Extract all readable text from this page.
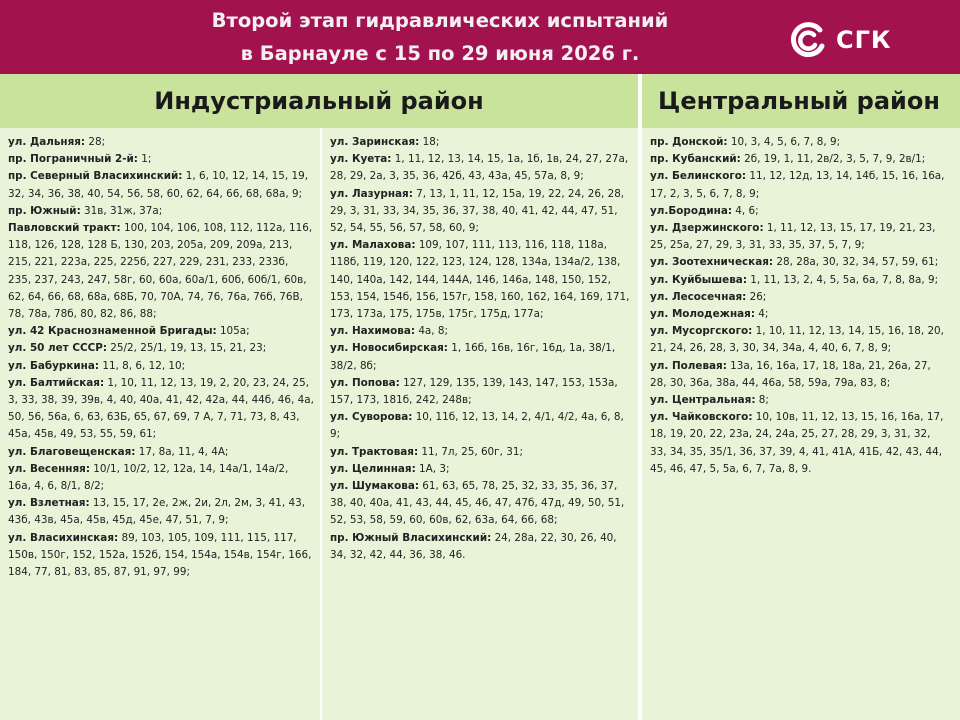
Второй этап гидравлических испытаний
в Барнауле с 15 по 29 июня 2026 г.	СГК
Индустриальный район	Центральный район
ул. Дальняя: 28;
пр. Пограничный 2-й: 1;
пр. Северный Власихинский: 1, 6, 10, 12, 14, 15, 19, 32, 34, 36, 38, 40, 54, 56, 58, 60, 62, 64, 66, 68, 68а, 9;
пр. Южный: 31в, 31ж, 37а;
Павловский тракт: 100, 104, 106, 108, 112, 112а, 116, 118, 126, 128, 128 Б, 130, 203, 205а, 209, 209а, 213, 215, 221, 223а, 225, 225б, 227, 229, 231, 233, 233б, 235, 237, 243, 247, 58г, 60, 60а, 60а/1, 60б, 60б/1, 60в, 62, 64, 66, 68, 68а, 68Б, 70, 70А, 74, 76, 76а, 76б, 76В, 78, 78а, 78б, 80, 82, 86, 88;
ул. 42 Краснознаменной Бригады: 105а;
ул. 50 лет СССР: 25/2, 25/1, 19, 13, 15, 21, 23;
ул. Бабуркина: 11, 8, 6, 12, 10;
ул. Балтийская: 1, 10, 11, 12, 13, 19, 2, 20, 23, 24, 25, 3, 33, 38, 39, 39в, 4, 40, 40а, 41, 42, 42а, 44, 44б, 46, 4а, 50, 56, 56а, 6, 63, 63Б, 65, 67, 69, 7 А, 7, 71, 73, 8, 43, 45а, 45в, 49, 53, 55, 59, 61;
ул. Благовещенская: 17, 8а, 11, 4, 4А;
ул. Весенняя: 10/1, 10/2, 12, 12а, 14, 14а/1, 14а/2, 16а, 4, 6, 8/1, 8/2;
ул. Взлетная: 13, 15, 17, 2е, 2ж, 2и, 2л, 2м, 3, 41, 43, 43б, 43в, 45а, 45в, 45д, 45е, 47, 51, 7, 9;
ул. Власихинская: 89, 103, 105, 109, 111, 115, 117, 150в, 150г, 152, 152а, 152б, 154, 154а, 154в, 154г, 166, 184, 77, 81, 83, 85, 87, 91, 97, 99;
ул. Заринская: 18;
ул. Куета: 1, 11, 12, 13, 14, 15, 1а, 1б, 1в, 24, 27, 27а, 28, 29, 2а, 3, 35, 36, 42б, 43, 43а, 45, 57а, 8, 9;
ул. Лазурная: 7, 13, 1, 11, 12, 15а, 19, 22, 24, 26, 28, 29, 3, 31, 33, 34, 35, 36, 37, 38, 40, 41, 42, 44, 47, 51, 52, 54, 55, 56, 57, 58, 60, 9;
ул. Малахова: 109, 107, 111, 113, 116, 118, 118а, 118б, 119, 120, 122, 123, 124, 128, 134а, 134а/2, 138, 140, 140а, 142, 144, 144А, 146, 146а, 148, 150, 152, 153, 154, 154б, 156, 157г, 158, 160, 162, 164, 169, 171, 173, 173а, 175, 175в, 175г, 175д, 177а;
ул. Нахимова: 4а, 8;
ул. Новосибирская: 1, 16б, 16в, 16г, 16д, 1а, 38/1, 38/2, 8б;
ул. Попова: 127, 129, 135, 139, 143, 147, 153, 153а, 157, 173, 181б, 242, 248в;
ул. Суворова: 10, 11б, 12, 13, 14, 2, 4/1, 4/2, 4а, 6, 8, 9;
ул. Трактовая: 11, 7л, 25, 60г, 31;
ул. Целинная: 1А, 3;
ул. Шумакова: 61, 63, 65, 78, 25, 32, 33, 35, 36, 37, 38, 40, 40а, 41, 43, 44, 45, 46, 47, 47б, 47д, 49, 50, 51, 52, 53, 58, 59, 60, 60в, 62, 63а, 64, 66, 68;
пр. Южный Власихинский: 24, 28а, 22, 30, 26, 40, 34, 32, 42, 44, 36, 38, 46.
пр. Донской: 10, 3, 4, 5, 6, 7, 8, 9;
пр. Кубанский: 2б, 19, 1, 11, 2в/2, 3, 5, 7, 9, 2в/1;
ул. Белинского: 11, 12, 12д, 13, 14, 14б, 15, 16, 16а, 17, 2, 3, 5, 6, 7, 8, 9;
ул.Бородина: 4, 6;
ул. Дзержинского: 1, 11, 12, 13, 15, 17, 19, 21, 23, 25, 25а, 27, 29, 3, 31, 33, 35, 37, 5, 7, 9;
ул. Зоотехническая: 28, 28а, 30, 32, 34, 57, 59, 61;
ул. Куйбышева: 1, 11, 13, 2, 4, 5, 5а, 6а, 7, 8, 8а, 9;
ул. Лесосечная: 26;
ул. Молодежная: 4;
ул. Мусоргского: 1, 10, 11, 12, 13, 14, 15, 16, 18, 20, 21, 24, 26, 28, 3, 30, 34, 34а, 4, 40, 6, 7, 8, 9;
ул. Полевая: 13а, 16, 16а, 17, 18, 18а, 21, 26а, 27, 28, 30, 36а, 38а, 44, 46а, 58, 59а, 79а, 83, 8;
ул. Центральная: 8;
ул. Чайковского: 10, 10в, 11, 12, 13, 15, 16, 16а, 17, 18, 19, 20, 22, 23а, 24, 24а, 25, 27, 28, 29, 3, 31, 32, 33, 34, 35, 35/1, 36, 37, 39, 4, 41, 41А, 41Б, 42, 43, 44, 45, 46, 47, 5, 5а, 6, 7, 7а, 8, 9.
